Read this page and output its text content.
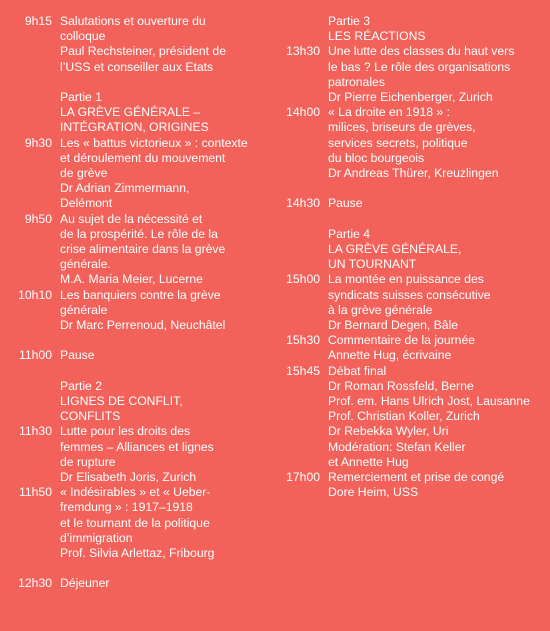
9h15 Salutations et ouverture du
colloque
Paul Rechsteiner, président de
l’USS et conseiller aux Etats
Partie 1
LA GRÈVE GÉNÉRALE –
INTÉGRATION, ORIGINES
9h30 Les « battus victorieux » : contexte
et déroulement du mouvement
de grève
Dr Adrian Zimmermann,
Delémont
9h50 Au sujet de la nécessité et
de la prospérité. Le rôle de la
crise alimentaire dans la grève
générale.
M.A. Maria Meier, Lucerne
10h10 Les banquiers contre la grève
générale
Dr Marc Perrenoud, Neuchâtel
11h00 Pause
Partie 2
LIGNES DE CONFLIT,
CONFLITS
11h30 Lutte pour les droits des
femmes – Alliances et lignes
de rupture
Dr Elisabeth Joris, Zurich
11h50 « Indésirables » et « Ueber-
fremdung » : 1917–1918
et le tournant de la politique
d’immigration
Prof. Silvia Arlettaz, Fribourg
12h30 Déjeuner
Partie 3
LES RÉACTIONS
13h30 Une lutte des classes du haut vers
le bas ? Le rôle des organisations
patronales
Dr Pierre Eichenberger, Zurich
14h00 « La droite en 1918 » :
milices, briseurs de grèves,
services secrets, politique
du bloc bourgeois
Dr Andreas Thürer, Kreuzlingen
14h30 Pause
Partie 4
LA GRÈVE GÉNÉRALE,
UN TOURNANT
15h00 La montée en puissance des
syndicats suisses consécutive
à la grève générale
Dr Bernard Degen, Bâle
15h30 Commentaire de la journée
Annette Hug, écrivaine
15h45 Débat final
Dr Roman Rossfeld, Berne
Prof. em. Hans Ulrich Jost, Lausanne
Prof. Christian Koller, Zurich
Dr Rebekka Wyler, Uri
Modération: Stefan Keller
et Annette Hug
17h00 Remerciement et prise de congé
Dore Heim, USS
